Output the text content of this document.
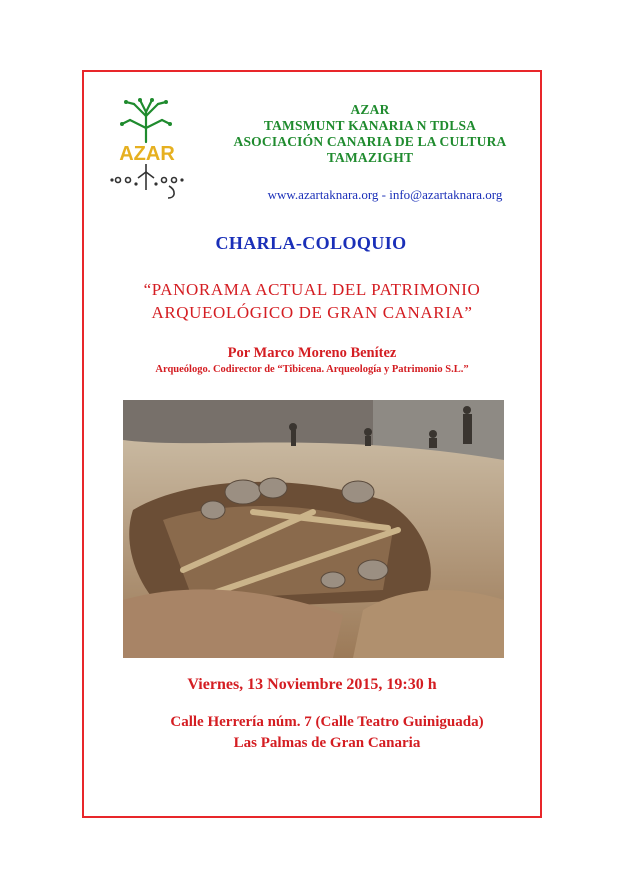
AZAR
AZAR
TAMSMUNT KANARIA N TDLSA
ASOCIACIÓN CANARIA DE LA CULTURA
TAMAZIGHT
www.azartaknara.org - info@azartaknara.org
CHARLA-COLOQUIO
“PANORAMA ACTUAL DEL PATRIMONIO
ARQUEOLÓGICO DE GRAN CANARIA”
Por Marco Moreno Benítez
Arqueólogo. Codirector de “Tibicena. Arqueología y Patrimonio S.L.”
Viernes, 13 Noviembre 2015, 19:30 h
Calle Herrería núm. 7 (Calle Teatro Guiniguada)
Las Palmas de Gran Canaria
